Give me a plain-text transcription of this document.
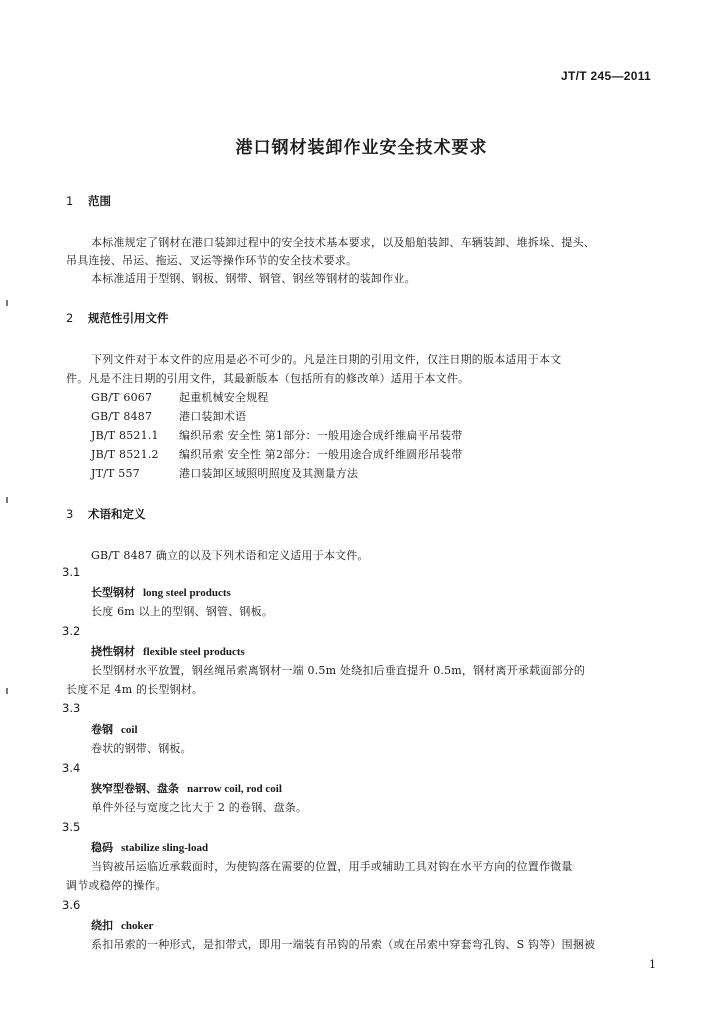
JT/T 245—2011
港口钢材装卸作业安全技术要求
1 范围
本标准规定了钢材在港口装卸过程中的安全技术基本要求，以及船舶装卸、车辆装卸、堆拆垛、提头、
吊具连接、吊运、拖运、叉运等操作环节的安全技术要求。
本标准适用于型钢、钢板、钢带、钢管、钢丝等钢材的装卸作业。
2 规范性引用文件
下列文件对于本文件的应用是必不可少的。凡是注日期的引用文件，仅注日期的版本适用于本文
件。凡是不注日期的引用文件，其最新版本（包括所有的修改单）适用于本文件。
GB/T 6067 起重机械安全规程
GB/T 8487 港口装卸术语
JB/T 8521.1 编织吊索 安全性 第1部分：一般用途合成纤维扁平吊装带
JB/T 8521.2 编织吊索 安全性 第2部分：一般用途合成纤维圆形吊装带
JT/T 557	港口装卸区域照明照度及其测量方法
3 术语和定义
GB/T 8487 确立的以及下列术语和定义适用于本文件。
3.1
长型钢材 long steel products
长度 6m 以上的型钢、钢管、钢板。
3.2
挠性钢材 flexible steel products
长型钢材水平放置，钢丝绳吊索离钢材一端 0.5m 处绕扣后垂直提升 0.5m，钢材离开承载面部分的
长度不足 4m 的长型钢材。
3.3
卷钢 coil
卷状的钢带、钢板。
3.4
狭窄型卷钢、盘条 narrow coil, rod coil
单件外径与宽度之比大于 2 的卷钢、盘条。
3.5
稳码 stabilize sling-load
当钩被吊运临近承载面时，为使钩落在需要的位置，用手或辅助工具对钩在水平方向的位置作微量
调节或稳停的操作。
3.6
绕扣 choker
系扣吊索的一种形式，是扣带式，即用一端装有吊钩的吊索（或在吊索中穿套弯孔钩、S 钩等）围捆被
1
